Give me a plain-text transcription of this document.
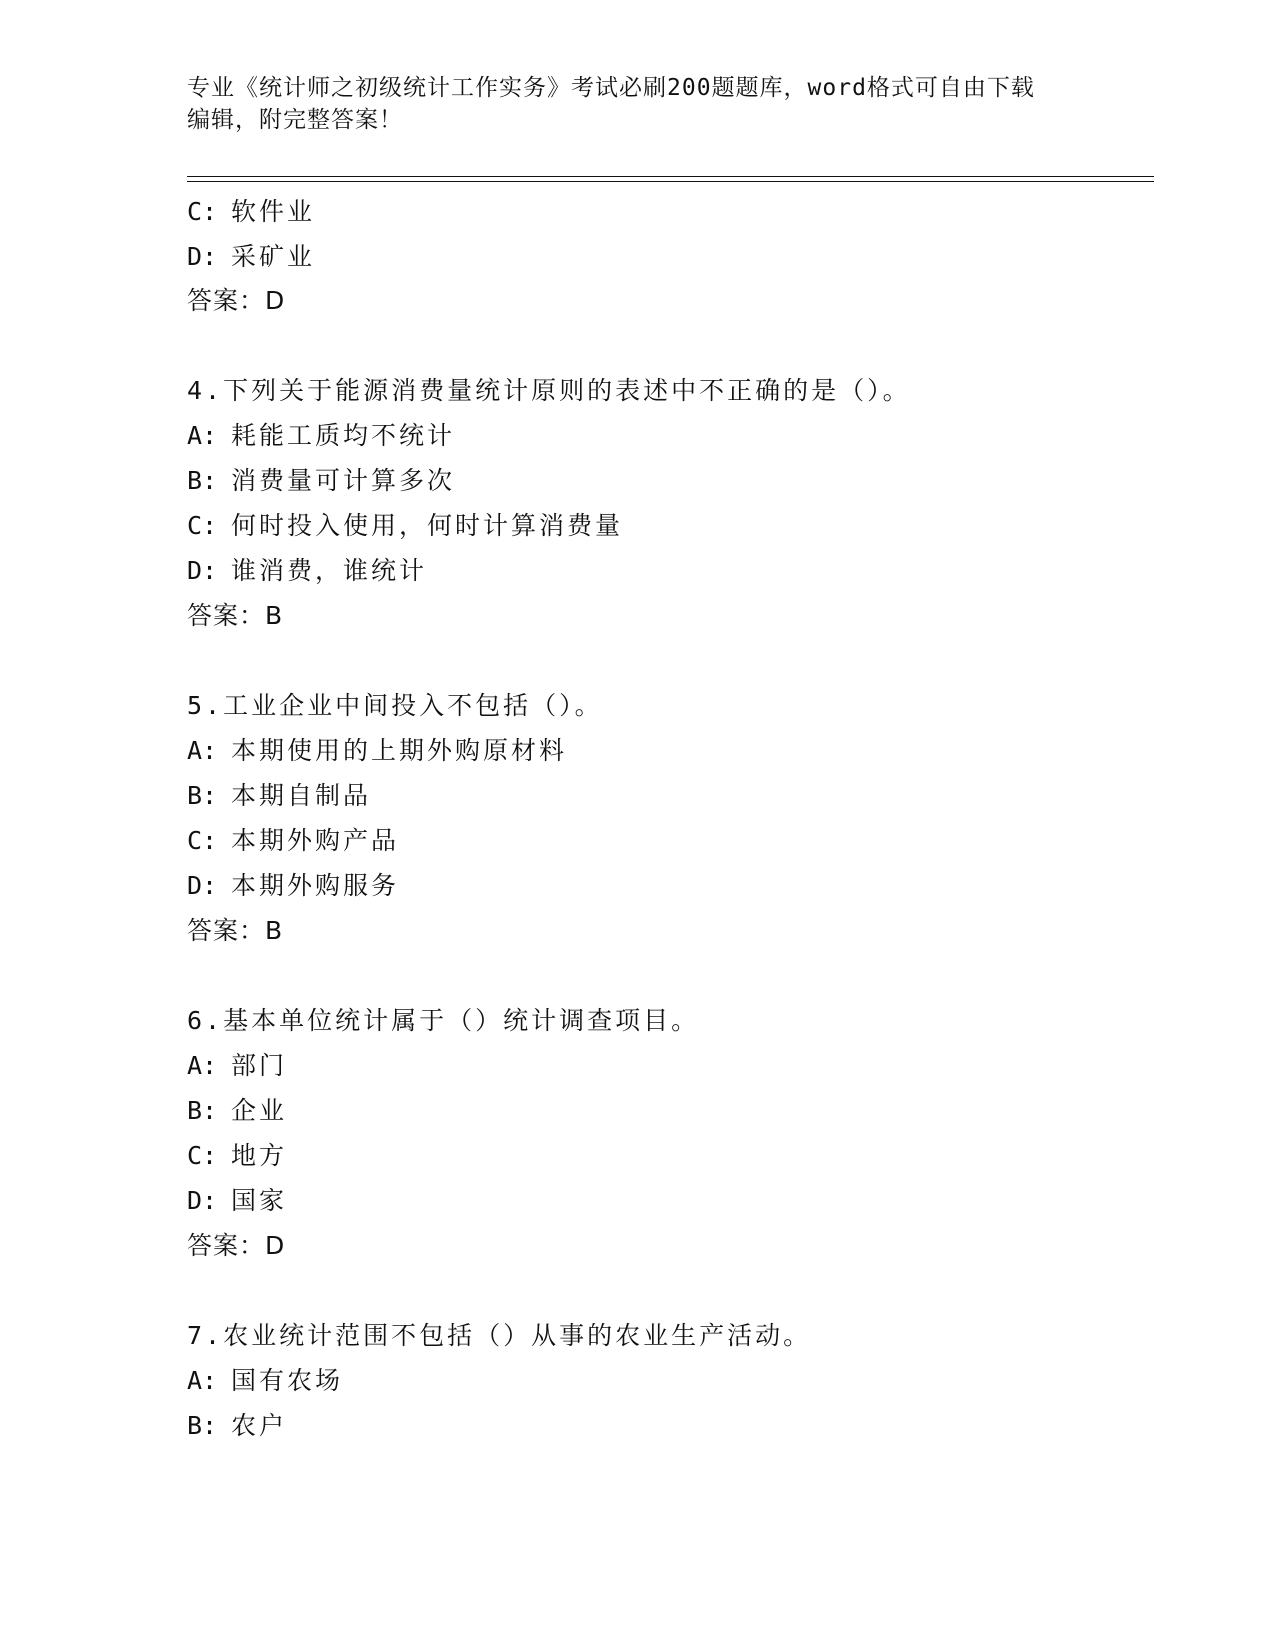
专业《统计师之初级统计工作实务》考试必刷200题题库，word格式可自由下载
编辑，附完整答案！
C: 软件业
D: 采矿业
答案：D
4.下列关于能源消费量统计原则的表述中不正确的是（）。
A: 耗能工质均不统计
B: 消费量可计算多次
C: 何时投入使用，何时计算消费量
D: 谁消费，谁统计
答案：B
5.工业企业中间投入不包括（）。
A: 本期使用的上期外购原材料
B: 本期自制品
C: 本期外购产品
D: 本期外购服务
答案：B
6.基本单位统计属于（）统计调查项目。
A: 部门
B: 企业
C: 地方
D: 国家
答案：D
7.农业统计范围不包括（）从事的农业生产活动。
A: 国有农场
B: 农户
